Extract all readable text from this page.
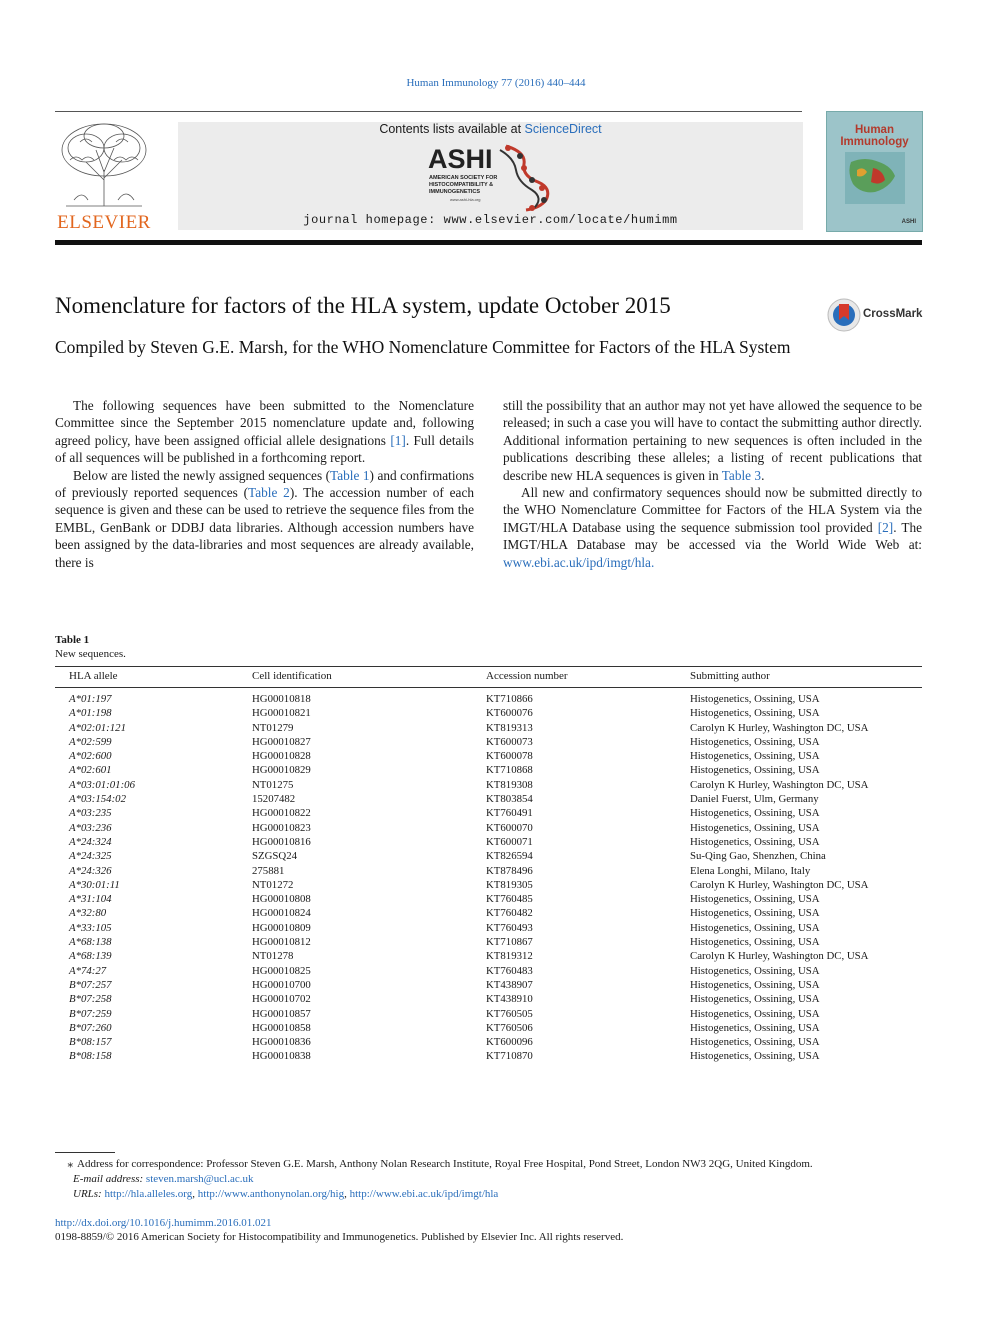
Human Immunology 77 (2016) 440–444
ELSEVIER
Contents lists available at ScienceDirect
ASHI
AMERICAN SOCIETY FOR
HISTOCOMPATIBILITY &
IMMUNOGENETICS
www.ashi-hla.org
journal homepage: www.elsevier.com/locate/humimm
Human
Immunology
ASHI
Nomenclature for factors of the HLA system, update October 2015	CrossMark
Compiled by Steven G.E. Marsh, for the WHO Nomenclature Committee for Factors of the HLA System

The following sequences have been submitted to the Nomenclature Committee since the September 2015 nomenclature update and, following agreed policy, have been assigned official allele designations [1]. Full details of all sequences will be published in a forthcoming report.

Below are listed the newly assigned sequences (Table 1) and confirmations of previously reported sequences (Table 2). The accession number of each sequence is given and these can be used to retrieve the sequence files from the EMBL, GenBank or DDBJ data libraries. Although accession numbers have been assigned by the data-libraries and most sequences are already available, there is

still the possibility that an author may not yet have allowed the sequence to be released; in such a case you will have to contact the submitting author directly. Additional information pertaining to new sequences is often included in the publications describing these alleles; a listing of recent publications that describe new HLA sequences is given in Table 3.

All new and confirmatory sequences should now be submitted directly to the WHO Nomenclature Committee for Factors of the HLA System via the IMGT/HLA Database using the sequence submission tool provided [2]. The IMGT/HLA Database may be accessed via the World Wide Web at: www.ebi.ac.uk/ipd/imgt/hla.

Table 1
New sequences.
HLA allele	Cell identification	Accession number	Submitting author
A*01:197	HG00010818	KT710866	Histogenetics, Ossining, USA
A*01:198	HG00010821	KT600076	Histogenetics, Ossining, USA
A*02:01:121	NT01279	KT819313	Carolyn K Hurley, Washington DC, USA
A*02:599	HG00010827	KT600073	Histogenetics, Ossining, USA
A*02:600	HG00010828	KT600078	Histogenetics, Ossining, USA
A*02:601	HG00010829	KT710868	Histogenetics, Ossining, USA
A*03:01:01:06	NT01275	KT819308	Carolyn K Hurley, Washington DC, USA
A*03:154:02	15207482	KT803854	Daniel Fuerst, Ulm, Germany
A*03:235	HG00010822	KT760491	Histogenetics, Ossining, USA
A*03:236	HG00010823	KT600070	Histogenetics, Ossining, USA
A*24:324	HG00010816	KT600071	Histogenetics, Ossining, USA
A*24:325	SZGSQ24	KT826594	Su-Qing Gao, Shenzhen, China
A*24:326	275881	KT878496	Elena Longhi, Milano, Italy
A*30:01:11	NT01272	KT819305	Carolyn K Hurley, Washington DC, USA
A*31:104	HG00010808	KT760485	Histogenetics, Ossining, USA
A*32:80	HG00010824	KT760482	Histogenetics, Ossining, USA
A*33:105	HG00010809	KT760493	Histogenetics, Ossining, USA
A*68:138	HG00010812	KT710867	Histogenetics, Ossining, USA
A*68:139	NT01278	KT819312	Carolyn K Hurley, Washington DC, USA
A*74:27	HG00010825	KT760483	Histogenetics, Ossining, USA
B*07:257	HG00010700	KT438907	Histogenetics, Ossining, USA
B*07:258	HG00010702	KT438910	Histogenetics, Ossining, USA
B*07:259	HG00010857	KT760505	Histogenetics, Ossining, USA
B*07:260	HG00010858	KT760506	Histogenetics, Ossining, USA
B*08:157	HG00010836	KT600096	Histogenetics, Ossining, USA
B*08:158	HG00010838	KT710870	Histogenetics, Ossining, USA
⁎ Address for correspondence: Professor Steven G.E. Marsh, Anthony Nolan Research Institute, Royal Free Hospital, Pond Street, London NW3 2QG, United Kingdom.
E-mail address: steven.marsh@ucl.ac.uk
URLs: http://hla.alleles.org, http://www.anthonynolan.org/hig, http://www.ebi.ac.uk/ipd/imgt/hla
http://dx.doi.org/10.1016/j.humimm.2016.01.021
0198-8859/© 2016 American Society for Histocompatibility and Immunogenetics. Published by Elsevier Inc. All rights reserved.
